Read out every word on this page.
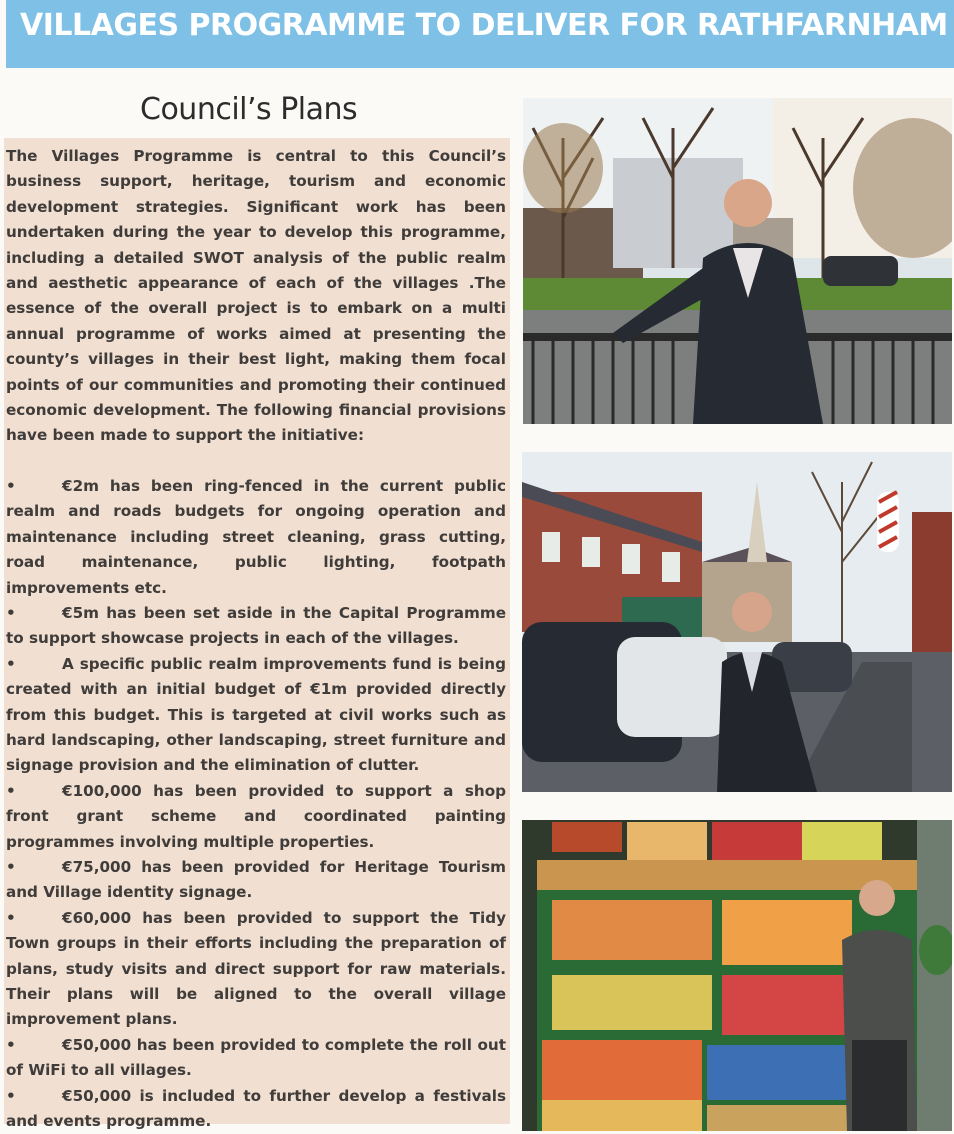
VILLAGES PROGRAMME TO DELIVER FOR RATHFARNHAM
Council’s Plans

The Villages Programme is central to this Council’s business support, heritage, tourism and economic development strategies. Significant work has been undertaken during the year to develop this programme, including a detailed SWOT analysis of the public realm and aesthetic appearance of each of the villages .The essence of the overall project is to embark on a multi annual programme of works aimed at presenting the county’s villages in their best light, making them focal points of our communities and promoting their continued economic development. The following financial provisions have been made to support the initiative:

•	€2m has been ring-fenced in the current public realm and roads budgets for ongoing operation and maintenance including street cleaning, grass cutting, road maintenance, public lighting, footpath improvements etc.
•	€5m has been set aside in the Capital Programme to support showcase projects in each of the villages.
•	A specific public realm improvements fund is being created with an initial budget of €1m provided directly from this budget. This is targeted at civil works such as hard landscaping, other landscaping, street furniture and signage provision and the elimination of clutter.
•	€100,000 has been provided to support a shop front grant scheme and coordinated painting programmes involving multiple properties.
•	€75,000 has been provided for Heritage Tourism and Village identity signage.
•	€60,000 has been provided to support the Tidy Town groups in their efforts including the preparation of plans, study visits and direct support for raw materials. Their plans will be aligned to the overall village improvement plans.
•	€50,000 has been provided to complete the roll out of WiFi to all villages.
•	€50,000 is included to further develop a festivals and events programme.
